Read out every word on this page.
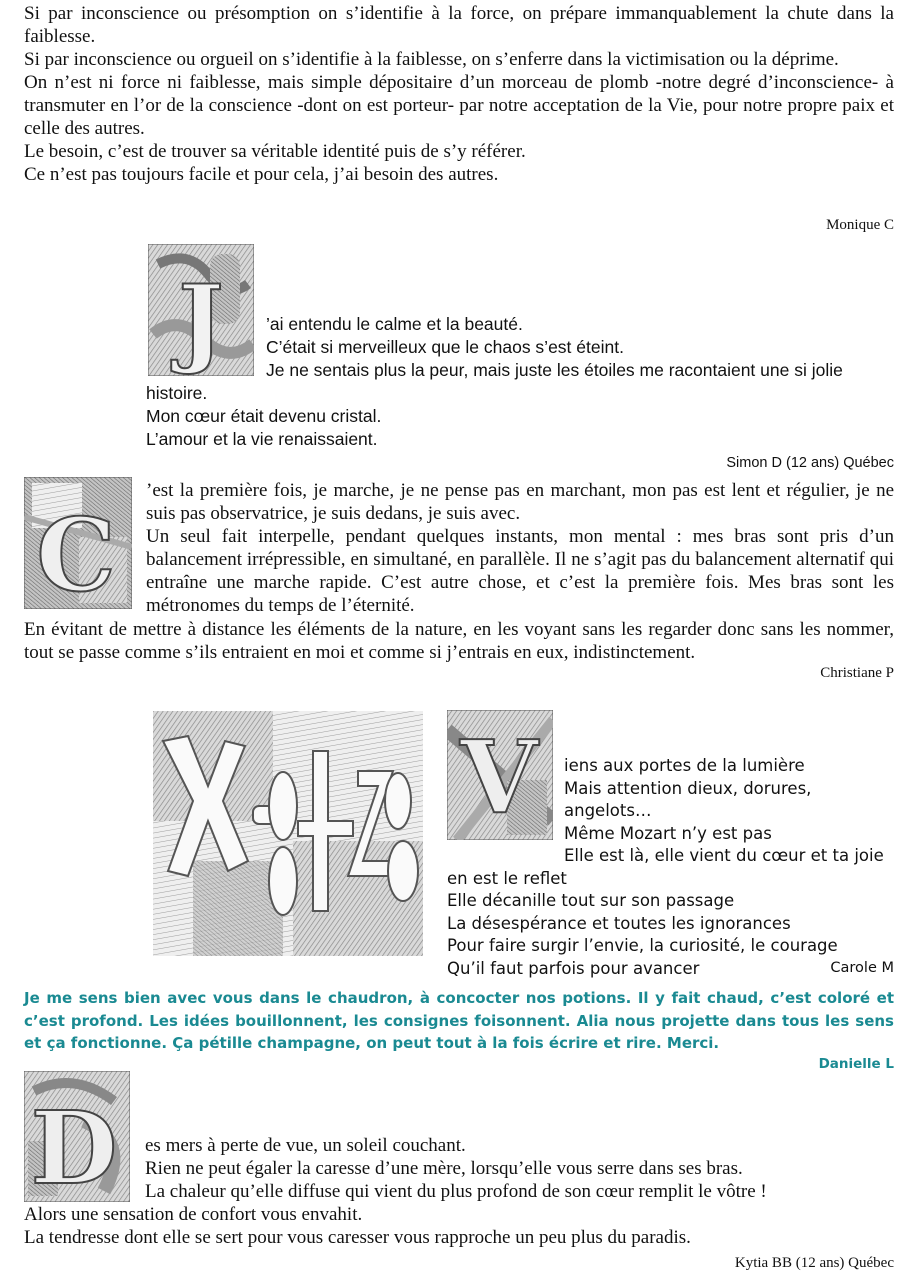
Si par inconscience ou présomption on s’identifie à la force, on prépare immanquablement la chute dans la faiblesse.

Si par inconscience ou orgueil on s’identifie à la faiblesse, on s’enferre dans la victimisation ou la déprime.

On n’est ni force ni faiblesse, mais simple dépositaire d’un morceau de plomb -notre degré d’inconscience- à transmuter en l’or de la conscience -dont on est porteur- par notre acceptation de la Vie, pour notre propre paix et celle des autres.

Le besoin, c’est de trouver sa véritable identité puis de s’y référer.

Ce n’est pas toujours facile et pour cela, j’ai besoin des autres.

Monique C
J	’ai entendu le calme et la beauté.

C’était si merveilleux que le chaos s’est éteint.

Je ne sentais plus la peur, mais juste les étoiles me racontaient une si jolie

histoire.

Mon cœur était devenu cristal.

L’amour et la vie renaissaient.

Simon D (12 ans) Québec
C

’est la première fois, je marche, je ne pense pas en marchant, mon pas est lent et régulier, je ne suis pas observatrice, je suis dedans, je suis avec.

Un seul fait interpelle, pendant quelques instants, mon mental : mes bras sont pris d’un balancement irrépressible, en simultané, en parallèle. Il ne s’agit pas du balancement alternatif qui entraîne une marche rapide. C’est autre chose, et c’est la première fois. Mes bras sont les métronomes du temps de l’éternité.

En évitant de mettre à distance les éléments de la nature, en les voyant sans les regarder donc sans les nommer, tout se passe comme s’ils entraient en moi et comme si j’entrais en eux, indistinctement.
Christiane P
V	iens aux portes de la lumière

Mais attention dieux, dorures, angelots…

Même Mozart n’y est pas

Elle est là, elle vient du cœur et ta joie

en est le reflet

Elle décanille tout sur son passage

La désespérance et toutes les ignorances

Pour faire surgir l’envie, la curiosité, le courage

Qu’il faut parfois pour avancer	Carole M
Je me sens bien avec vous dans le chaudron, à concocter nos potions. Il y fait chaud, c’est coloré et c’est profond. Les idées bouillonnent, les consignes foisonnent. Alia nous projette dans tous les sens et ça fonctionne. Ça pétille champagne, on peut tout à la fois écrire et rire. Merci.
Danielle L
D	es mers à perte de vue, un soleil couchant.

Rien ne peut égaler la caresse d’une mère, lorsqu’elle vous serre dans ses bras.

La chaleur qu’elle diffuse qui vient du plus profond de son cœur remplit le vôtre !

Alors une sensation de confort vous envahit.

La tendresse dont elle se sert pour vous caresser vous rapproche un peu plus du paradis.

Kytia BB (12 ans) Québec
